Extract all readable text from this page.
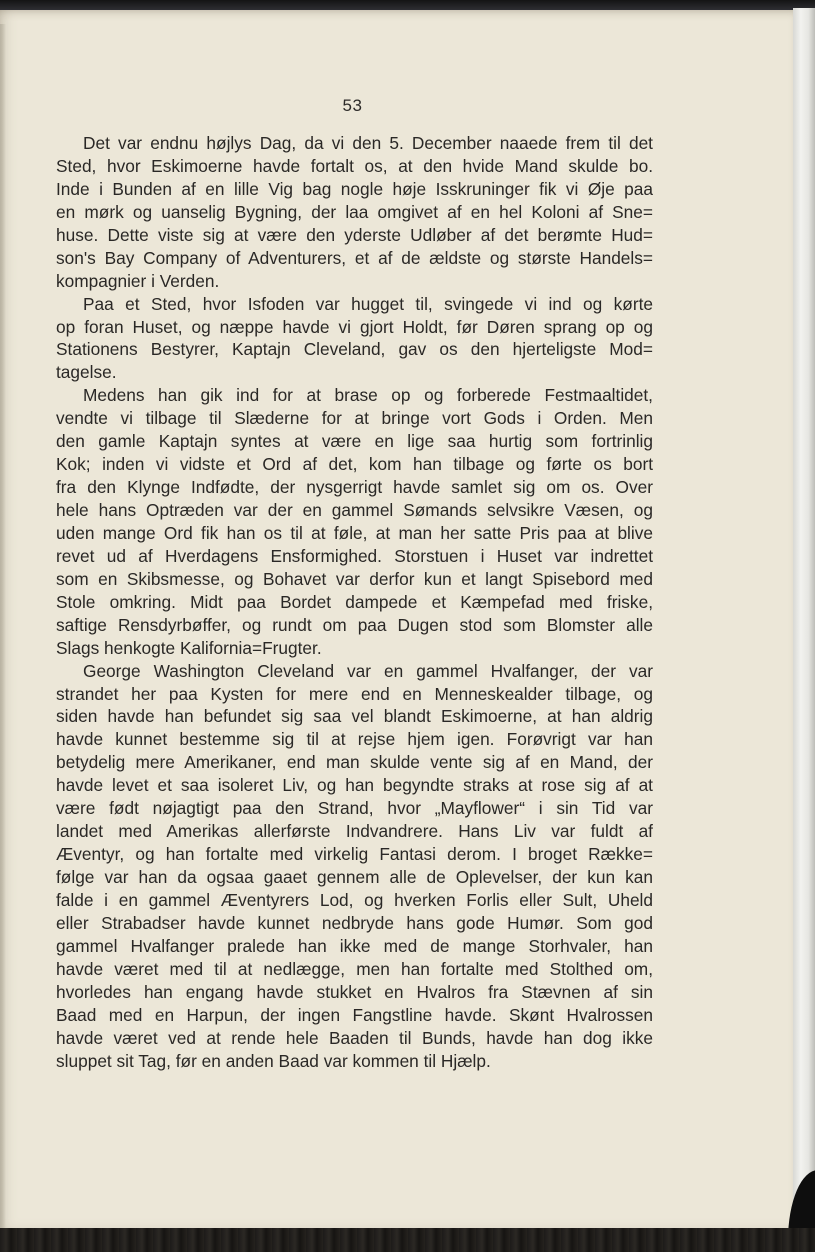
53
Det var endnu højlys Dag, da vi den 5. December naaede frem til det
Sted, hvor Eskimoerne havde fortalt os, at den hvide Mand skulde bo.
Inde i Bunden af en lille Vig bag nogle høje Isskruninger fik vi Øje paa
en mørk og uanselig Bygning, der laa omgivet af en hel Koloni af Sne=
huse. Dette viste sig at være den yderste Udløber af det berømte Hud=
son's Bay Company of Adventurers, et af de ældste og største Handels=
kompagnier i Verden.
Paa et Sted, hvor Isfoden var hugget til, svingede vi ind og kørte
op foran Huset, og næppe havde vi gjort Holdt, før Døren sprang op og
Stationens Bestyrer, Kaptajn Cleveland, gav os den hjerteligste Mod=
tagelse.
Medens han gik ind for at brase op og forberede Festmaaltidet,
vendte vi tilbage til Slæderne for at bringe vort Gods i Orden. Men
den gamle Kaptajn syntes at være en lige saa hurtig som fortrinlig
Kok; inden vi vidste et Ord af det, kom han tilbage og førte os bort
fra den Klynge Indfødte, der nysgerrigt havde samlet sig om os. Over
hele hans Optræden var der en gammel Sømands selvsikre Væsen, og
uden mange Ord fik han os til at føle, at man her satte Pris paa at blive
revet ud af Hverdagens Ensformighed. Storstuen i Huset var indrettet
som en Skibsmesse, og Bohavet var derfor kun et langt Spisebord med
Stole omkring. Midt paa Bordet dampede et Kæmpefad med friske,
saftige Rensdyrbøffer, og rundt om paa Dugen stod som Blomster alle
Slags henkogte Kalifornia=Frugter.
George Washington Cleveland var en gammel Hvalfanger, der var
strandet her paa Kysten for mere end en Menneskealder tilbage, og
siden havde han befundet sig saa vel blandt Eskimoerne, at han aldrig
havde kunnet bestemme sig til at rejse hjem igen. Forøvrigt var han
betydelig mere Amerikaner, end man skulde vente sig af en Mand, der
havde levet et saa isoleret Liv, og han begyndte straks at rose sig af at
være født nøjagtigt paa den Strand, hvor „Mayflower“ i sin Tid var
landet med Amerikas allerførste Indvandrere. Hans Liv var fuldt af
Æventyr, og han fortalte med virkelig Fantasi derom. I broget Række=
følge var han da ogsaa gaaet gennem alle de Oplevelser, der kun kan
falde i en gammel Æventyrers Lod, og hverken Forlis eller Sult, Uheld
eller Strabadser havde kunnet nedbryde hans gode Humør. Som god
gammel Hvalfanger pralede han ikke med de mange Storhvaler, han
havde været med til at nedlægge, men han fortalte med Stolthed om,
hvorledes han engang havde stukket en Hvalros fra Stævnen af sin
Baad med en Harpun, der ingen Fangstline havde. Skønt Hvalrossen
havde været ved at rende hele Baaden til Bunds, havde han dog ikke
sluppet sit Tag, før en anden Baad var kommen til Hjælp.
